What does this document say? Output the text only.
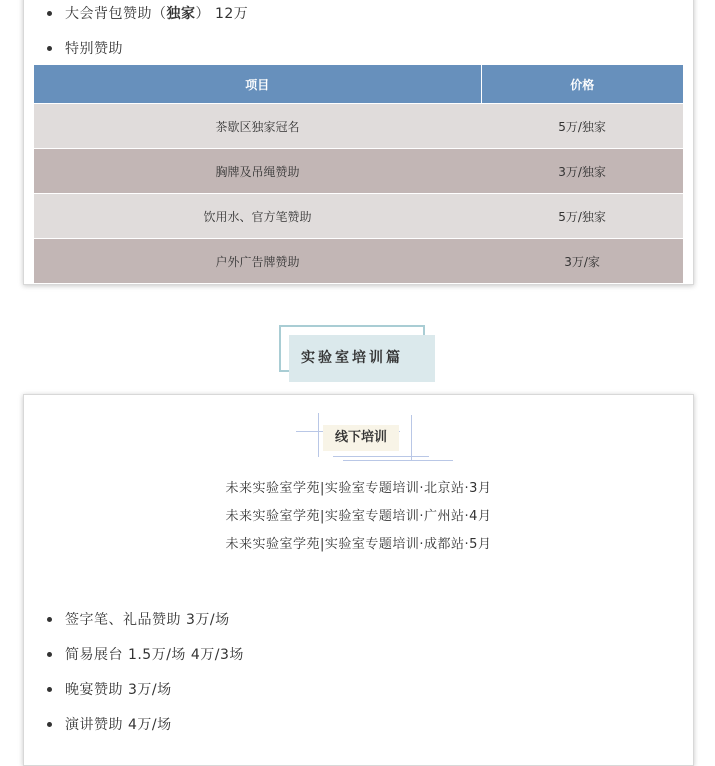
大会背包赞助（独家） 12万
特别赞助
项目	价格
茶歇区独家冠名	5万/独家
胸牌及吊绳赞助	3万/独家
饮用水、官方笔赞助	5万/独家
户外广告牌赞助	3万/家
实验室培训篇
线下培训
未来实验室学苑|实验室专题培训·北京站·3月
未来实验室学苑|实验室专题培训·广州站·4月
未来实验室学苑|实验室专题培训·成都站·5月
签字笔、礼品赞助 3万/场
简易展台 1.5万/场 4万/3场
晚宴赞助 3万/场
演讲赞助 4万/场
